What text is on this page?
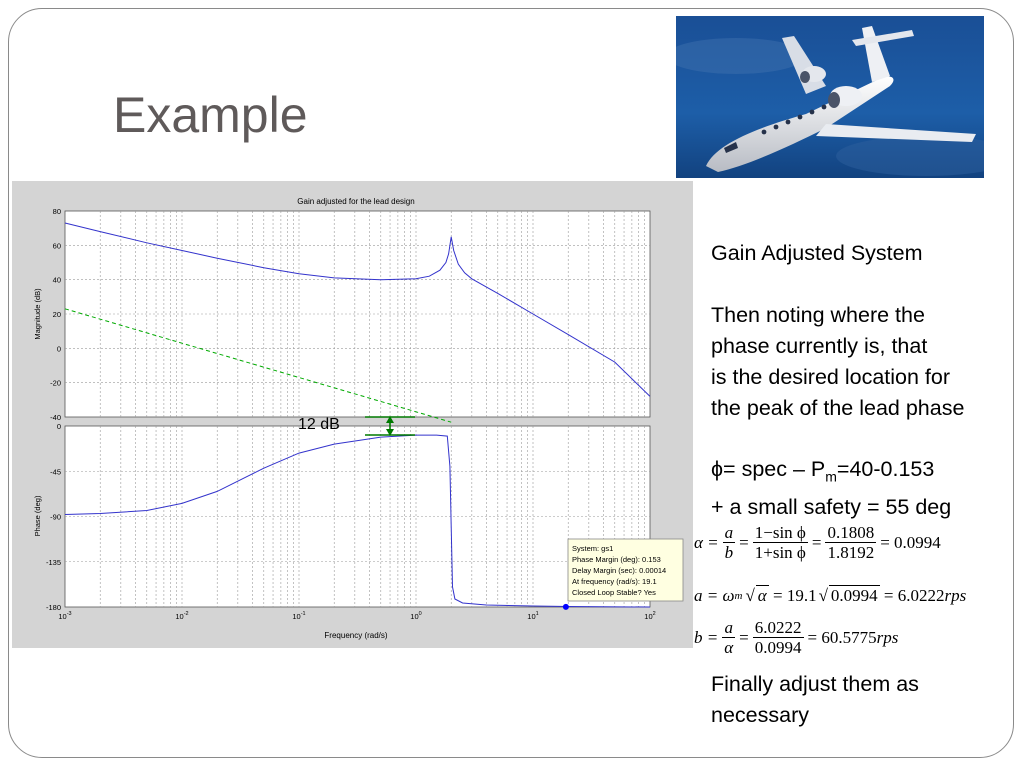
Example
Gain adjusted for the lead design
80
60
40
20
0
-20
-40
0
-45
-90
-135
-180
$10^{-3}$	$10^{-2}$	$10^{-1}$	$10^0$	$10^1$	$10^2$
Magnitude (dB)
Phase (deg)
Frequency (rad/s)
System: gs1
Phase Margin (deg): 0.153
Delay Margin (sec): 0.00014
At frequency (rad/s): 19.1
Closed Loop Stable? Yes
12 dB
Gain Adjusted System
Then noting where the
phase currently is, that
is the desired location for
the peak of the lead phase
ϕ= spec – $P_m=40-0.153$
+ a small safety = 55 deg
$\alpha = \frac{a}{b} = \frac{\text{1−sin ϕ}}{\text{1+sin ϕ}} = \frac{0.1808}{1.8192} = 0.0994$
a =
ω m √ α
= 19.1 √ 0.0994
= 6.0222 rps
$b = \frac{a}{\alpha} = \frac{6.0222}{0.0994} = 60.5775$ rps
Finally adjust them as
necessary
